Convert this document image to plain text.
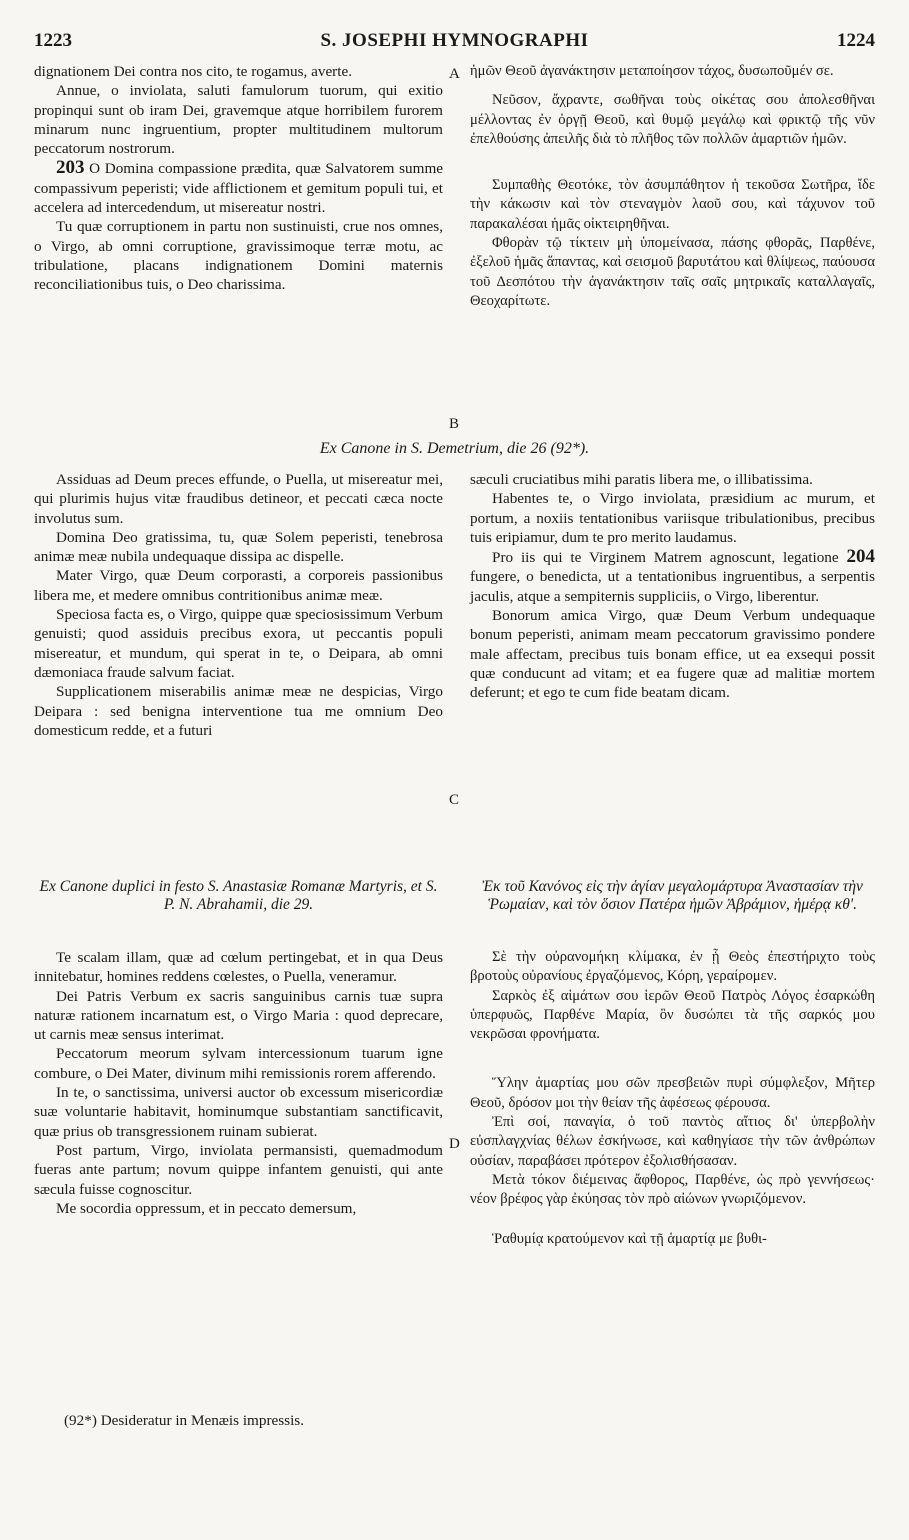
1223	S. JOSEPHI HYMNOGRAPHI	1224

dignationem Dei contra nos cito, te rogamus, averte.

Annue, o inviolata, saluti famulorum tuorum, qui exitio propinqui sunt ob iram Dei, gravemque atque horribilem furorem minarum nunc ingruentium, propter multitudinem multorum peccatorum nostrorum.

203 O Domina compassione prædita, quæ Salvatorem summe compassivum peperisti; vide afflictionem et gemitum populi tui, et accelera ad intercedendum, ut misereatur nostri.

Tu quæ corruptionem in partu non sustinuisti, crue nos omnes, o Virgo, ab omni corruptione, gravissimoque terræ motu, ac tribulatione, placans indignationem Domini maternis reconciliationibus tuis, o Deo charissima.

ἡμῶν Θεοῦ ἀγανάκτησιν μεταποίησον τάχος, δυσωποῦμέν σε.

Νεῦσον, ἄχραντε, σωθῆναι τοὺς οἰκέτας σου ἀπολεσθῆναι μέλλοντας ἐν ὀργῇ Θεοῦ, καὶ θυμῷ μεγάλῳ καὶ φρικτῷ τῆς νῦν ἐπελθούσης ἀπειλῆς διὰ τὸ πλῆθος τῶν πολλῶν ἁμαρτιῶν ἡμῶν.

Συμπαθὴς Θεοτόκε, τὸν ἀσυμπάθητον ἡ τεκοῦσα Σωτῆρα, ἴδε τὴν κάκωσιν καὶ τὸν στεναγμὸν λαοῦ σου, καὶ τάχυνον τοῦ παρακαλέσαι ἡμᾶς οἰκτειρηθῆναι.

Φθορὰν τῷ τίκτειν μὴ ὑπομείνασα, πάσης φθορᾶς, Παρθένε, ἐξελοῦ ἡμᾶς ἅπαντας, καὶ σεισμοῦ βαρυτάτου καὶ θλίψεως, παύουσα τοῦ Δεσπότου τὴν ἀγανάκτησιν ταῖς σαῖς μητρικαῖς καταλλαγαῖς, Θεοχαρίτωτε.

A
B
Ex Canone in S. Demetrium, die 26 (92*).

Assiduas ad Deum preces effunde, o Puella, ut misereatur mei, qui plurimis hujus vitæ fraudibus detineor, et peccati cæca nocte involutus sum.

Domina Deo gratissima, tu, quæ Solem peperisti, tenebrosa animæ meæ nubila undequaque dissipa ac dispelle.

Mater Virgo, quæ Deum corporasti, a corporeis passionibus libera me, et medere omnibus contritionibus animæ meæ.

Speciosa facta es, o Virgo, quippe quæ speciosissimum Verbum genuisti; quod assiduis precibus exora, ut peccantis populi misereatur, et mundum, qui sperat in te, o Deipara, ab omni dæmoniaca fraude salvum faciat.

Supplicationem miserabilis animæ meæ ne despicias, Virgo Deipara : sed benigna interventione tua me omnium Deo domesticum redde, et a futuri

sæculi cruciatibus mihi paratis libera me, o illibatissima.

Habentes te, o Virgo inviolata, præsidium ac murum, et portum, a noxiis tentationibus variisque tribulationibus, precibus tuis eripiamur, dum te pro merito laudamus.

Pro iis qui te Virginem Matrem agnoscunt, legatione 204 fungere, o benedicta, ut a tentationibus ingruentibus, a serpentis jaculis, atque a sempiternis suppliciis, o Virgo, liberentur.

Bonorum amica Virgo, quæ Deum Verbum undequaque bonum peperisti, animam meam peccatorum gravissimo pondere male affectam, precibus tuis bonam effice, ut ea exsequi possit quæ conducunt ad vitam; et ea fugere quæ ad malitiæ mortem deferunt; et ego te cum fide beatam dicam.

C
Ex Canone duplici in festo S. Anastasiæ Romanæ Martyris, et S. P. N. Abrahamii, die 29.
Ἐκ τοῦ Κανόνος εἰς τὴν ἁγίαν μεγαλομάρτυρα Ἀναστασίαν τὴν Ῥωμαίαν, καὶ τὸν ὅσιον Πατέρα ἡμῶν Ἀβράμιον, ἡμέρᾳ κθ'.

Te scalam illam, quæ ad cœlum pertingebat, et in qua Deus innitebatur, homines reddens cœlestes, o Puella, veneramur.

Dei Patris Verbum ex sacris sanguinibus carnis tuæ supra naturæ rationem incarnatum est, o Virgo Maria : quod deprecare, ut carnis meæ sensus interimat.

Peccatorum meorum sylvam intercessionum tuarum igne combure, o Dei Mater, divinum mihi remissionis rorem afferendo.

In te, o sanctissima, universi auctor ob excessum misericordiæ suæ voluntarie habitavit, hominumque substantiam sanctificavit, quæ prius ob transgressionem ruinam subierat.

Post partum, Virgo, inviolata permansisti, quemadmodum fueras ante partum; novum quippe infantem genuisti, qui ante sæcula fuisse cognoscitur.

Me socordia oppressum, et in peccato demersum,

Σὲ τὴν οὐρανομήκη κλίμακα, ἐν ᾗ Θεὸς ἐπεστήριχτο τοὺς βροτοὺς οὐρανίους ἐργαζόμενος, Κόρη, γεραίρομεν.

Σαρκὸς ἐξ αἱμάτων σου ἱερῶν Θεοῦ Πατρὸς Λόγος ἐσαρκώθη ὑπερφυῶς, Παρθένε Μαρία, ὃν δυσώπει τὰ τῆς σαρκός μου νεκρῶσαι φρονήματα.

Ὕλην ἁμαρτίας μου σῶν πρεσβειῶν πυρὶ σύμφλεξον, Μῆτερ Θεοῦ, δρόσον μοι τὴν θείαν τῆς ἀφέσεως φέρουσα.

Ἐπὶ σοί, παναγία, ὁ τοῦ παντὸς αἴτιος δι' ὑπερβολὴν εὐσπλαγχνίας θέλων ἐσκήνωσε, καὶ καθηγίασε τὴν τῶν ἀνθρώπων οὐσίαν, παραβάσει πρότερον ἐξολισθήσασαν.

Μετὰ τόκον διέμεινας ἄφθορος, Παρθένε, ὡς πρὸ γεννήσεως· νέον βρέφος γὰρ ἐκύησας τὸν πρὸ αἰώνων γνωριζόμενον.

Ῥαθυμίᾳ κρατούμενον καὶ τῇ ἁμαρτίᾳ με βυθι-

D
(92*) Desideratur in Menæis impressis.
